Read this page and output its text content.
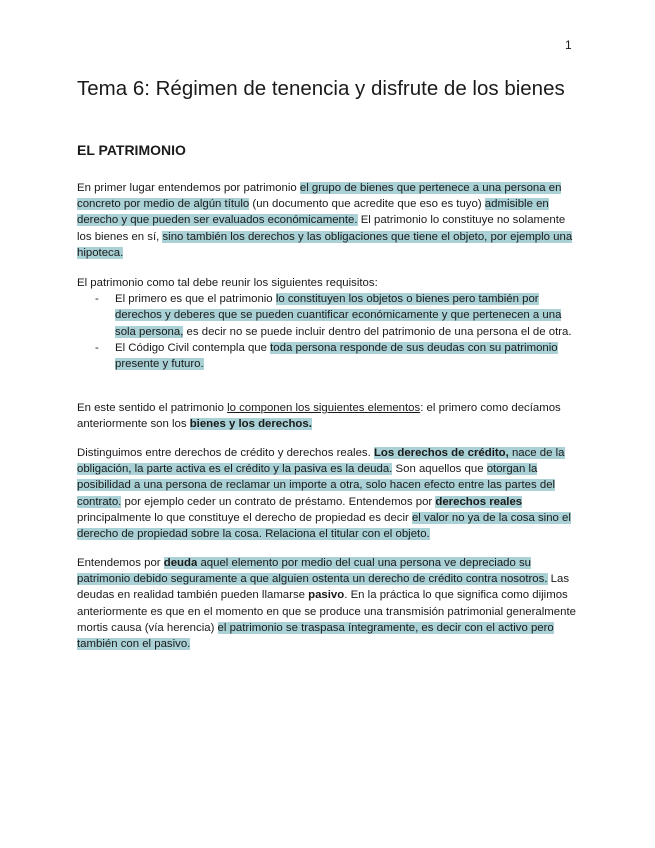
1
Tema 6: Régimen de tenencia y disfrute de los bienes
EL PATRIMONIO

En primer lugar entendemos por patrimonio el grupo de bienes que pertenece a una persona en concreto por medio de algún título (un documento que acredite que eso es tuyo) admisible en derecho y que pueden ser evaluados económicamente. El patrimonio lo constituye no solamente los bienes en sí, sino también los derechos y las obligaciones que tiene el objeto, por ejemplo una hipoteca.

El patrimonio como tal debe reunir los siguientes requisitos:
- El primero es que el patrimonio lo constituyen los objetos o bienes pero también por derechos y deberes que se pueden cuantificar económicamente y que pertenecen a una sola persona, es decir no se puede incluir dentro del patrimonio de una persona el de otra.
- El Código Civil contempla que toda persona responde de sus deudas con su patrimonio presente y futuro.

En este sentido el patrimonio lo componen los siguientes elementos: el primero como decíamos anteriormente son los bienes y los derechos.

Distinguimos entre derechos de crédito y derechos reales. Los derechos de crédito, nace de la obligación, la parte activa es el crédito y la pasiva es la deuda. Son aquellos que otorgan la posibilidad a una persona de reclamar un importe a otra, solo hacen efecto entre las partes del contrato. por ejemplo ceder un contrato de préstamo. Entendemos por derechos reales principalmente lo que constituye el derecho de propiedad es decir el valor no ya de la cosa sino el derecho de propiedad sobre la cosa. Relaciona el titular con el objeto.

Entendemos por deuda aquel elemento por medio del cual una persona ve depreciado su patrimonio debido seguramente a que alguien ostenta un derecho de crédito contra nosotros. Las deudas en realidad también pueden llamarse pasivo. En la práctica lo que significa como dijimos anteriormente es que en el momento en que se produce una transmisión patrimonial generalmente mortis causa (vía herencia) el patrimonio se traspasa íntegramente, es decir con el activo pero también con el pasivo.
